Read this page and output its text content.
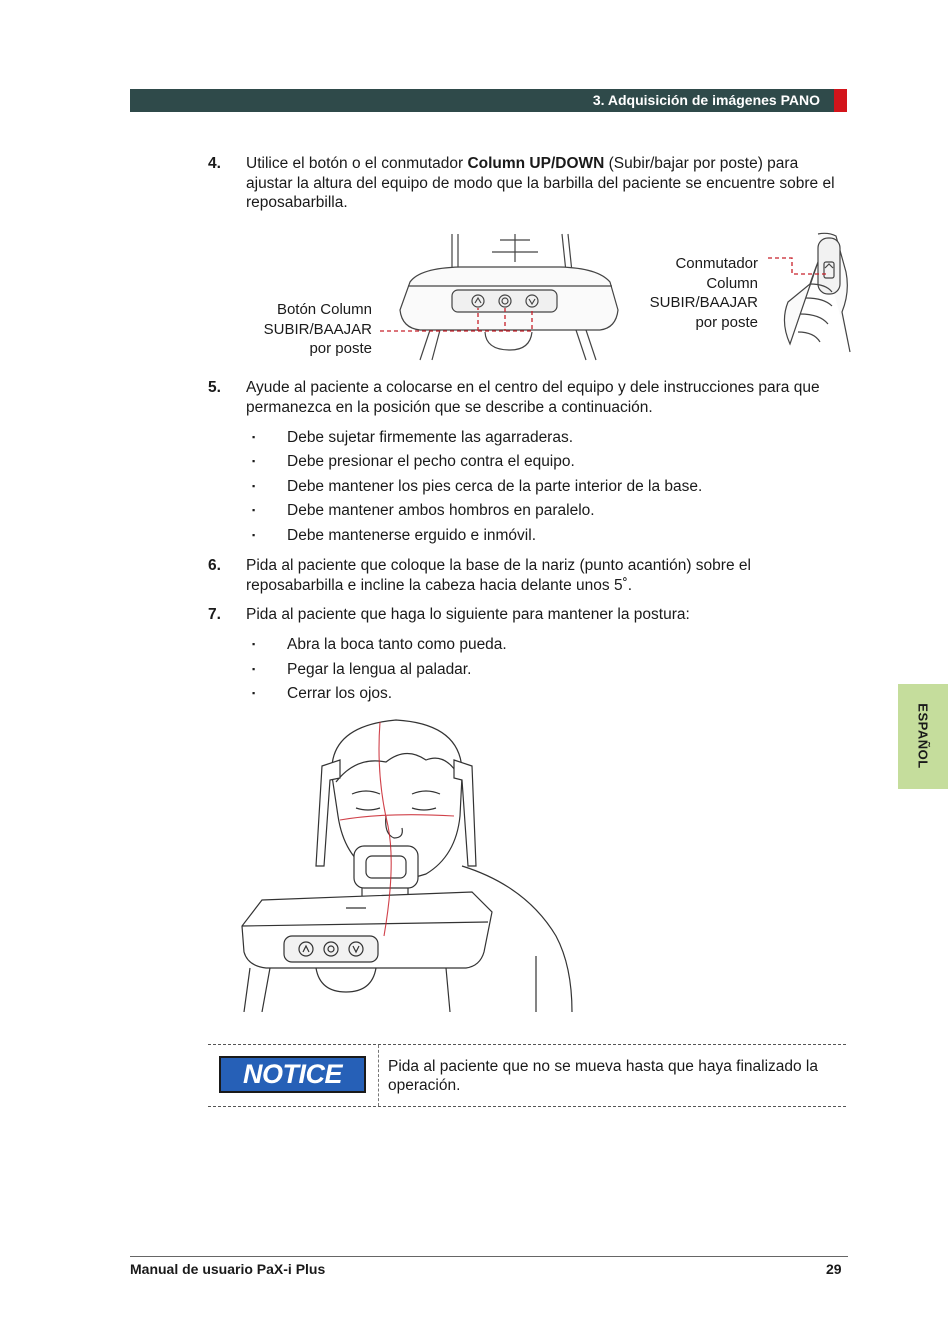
3. Adquisición de imágenes PANO
ESPAÑOL
4. Utilice el botón o el conmutador Column UP/DOWN (Subir/bajar por poste) para ajustar la altura del equipo de modo que la barbilla del paciente se encuentre sobre el reposabarbilla.
Botón Column
SUBIR/BAAJAR
por poste
Conmutador
Column
SUBIR/BAAJAR
por poste
5. Ayude al paciente a colocarse en el centro del equipo y dele instrucciones para que permanezca en la posición que se describe a continuación.
▪ Debe sujetar firmemente las agarraderas.
▪ Debe presionar el pecho contra el equipo.
▪ Debe mantener los pies cerca de la parte interior de la base.
▪ Debe mantener ambos hombros en paralelo.
▪ Debe mantenerse erguido e inmóvil.
6. Pida al paciente que coloque la base de la nariz (punto acantión) sobre el reposabarbilla e incline la cabeza hacia delante unos 5˚.
7. Pida al paciente que haga lo siguiente para mantener la postura:
▪ Abra la boca tanto como pueda.
▪ Pegar la lengua al paladar.
▪ Cerrar los ojos.
NOTICE	Pida al paciente que no se mueva hasta que haya finalizado la operación.
Manual de usuario PaX-i Plus	29
